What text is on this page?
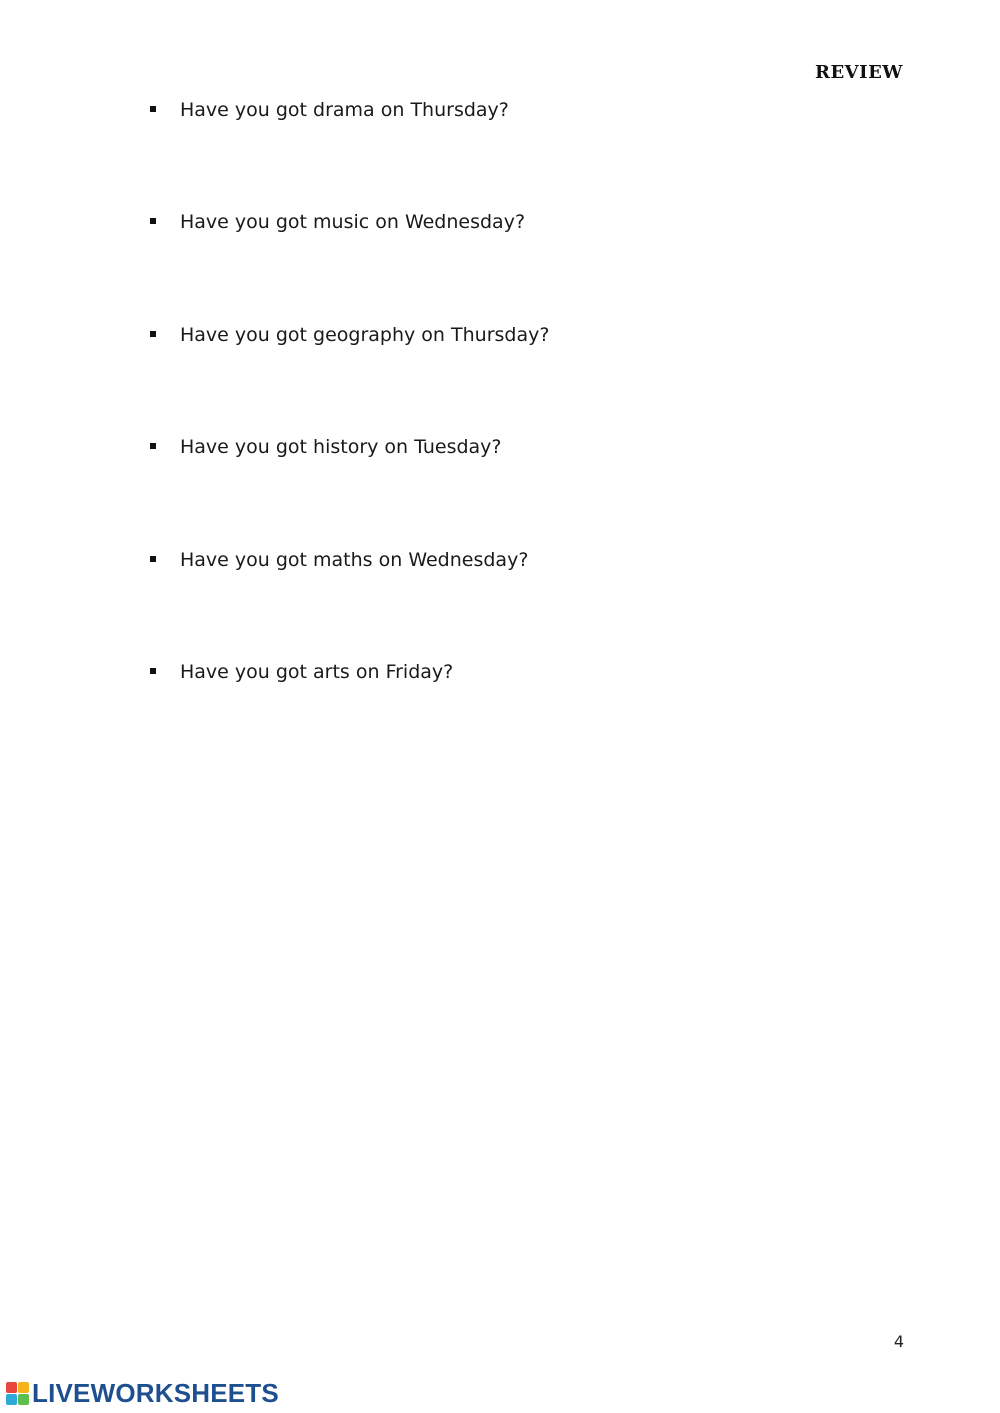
REVIEW
Have you got drama on Thursday?
Have you got music on Wednesday?
Have you got geography on Thursday?
Have you got history on Tuesday?
Have you got maths on Wednesday?
Have you got arts on Friday?
4
LIVEWORKSHEETS
